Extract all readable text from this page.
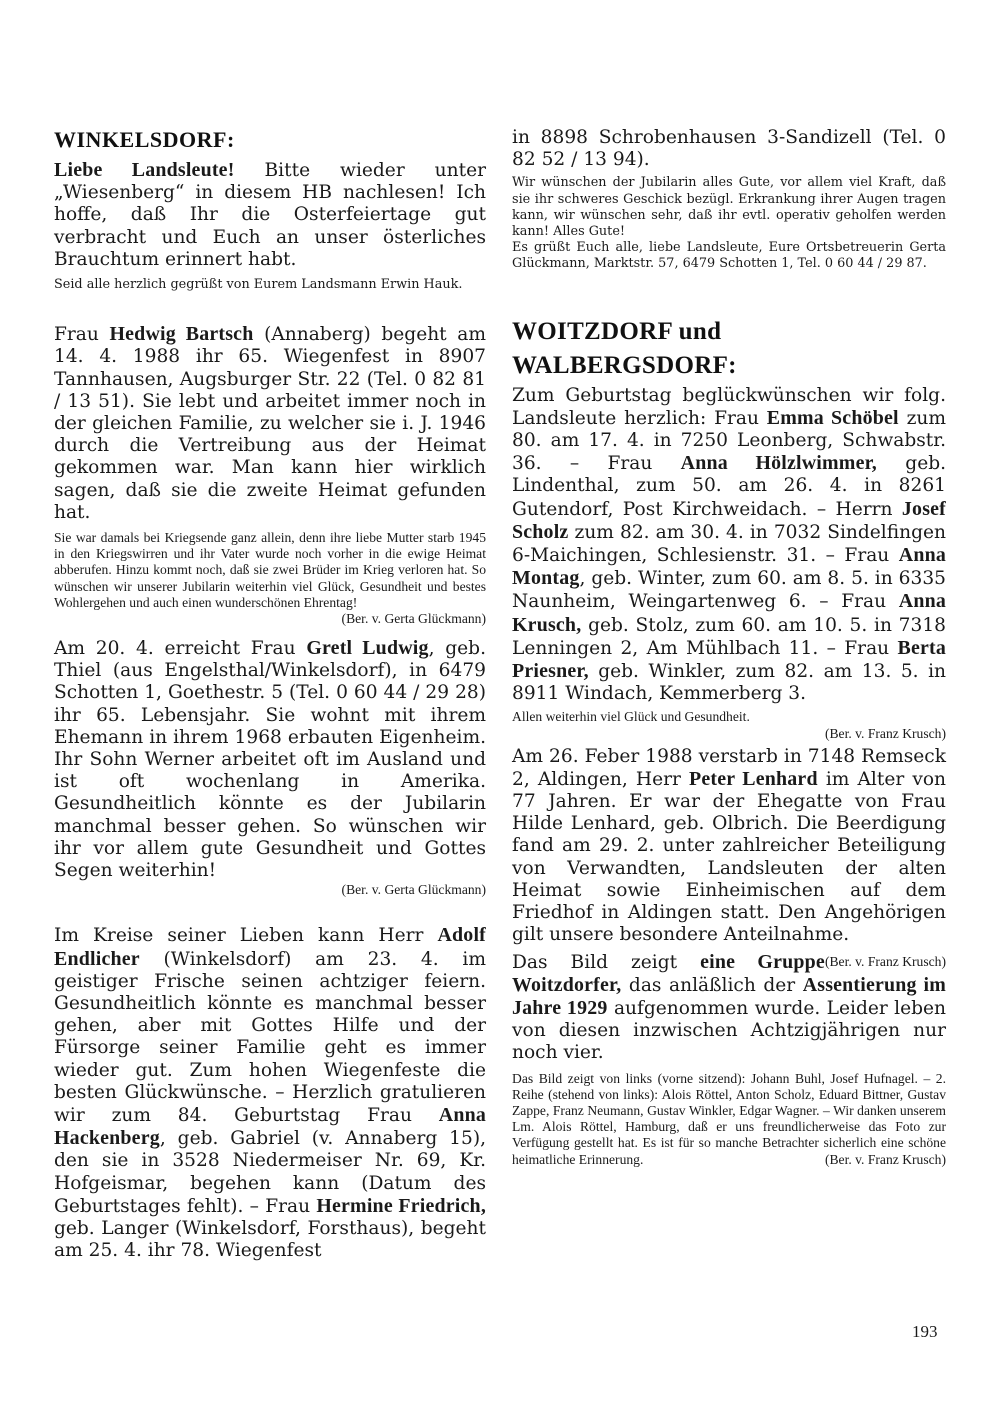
WINKELSDORF:

Liebe Landsleute! Bitte wieder unter „Wiesenberg“ in diesem HB nachlesen! Ich hoffe, daß Ihr die Osterfeiertage gut verbracht und Euch an unser österliches Brauchtum erinnert habt.

Seid alle herzlich gegrüßt von Eurem Landsmann Erwin Hauk.

Frau Hedwig Bartsch (Annaberg) begeht am 14. 4. 1988 ihr 65. Wiegenfest in 8907 Tannhausen, Augsburger Str. 22 (Tel. 0 82 81 / 13 51). Sie lebt und arbeitet immer noch in der gleichen Familie, zu welcher sie i. J. 1946 durch die Vertreibung aus der Heimat gekommen war. Man kann hier wirklich sagen, daß sie die zweite Heimat gefunden hat.

Sie war damals bei Kriegsende ganz allein, denn ihre liebe Mutter starb 1945 in den Kriegswirren und ihr Vater wurde noch vorher in die ewige Heimat abberufen. Hinzu kommt noch, daß sie zwei Brüder im Krieg verloren hat. So wünschen wir unserer Jubilarin weiterhin viel Glück, Gesundheit und bestes Wohlergehen und auch einen wunderschönen Ehrentag!
(Ber. v. Gerta Glückmann)

Am 20. 4. erreicht Frau Gretl Ludwig, geb. Thiel (aus Engelsthal/Winkelsdorf), in 6479 Schotten 1, Goethestr. 5 (Tel. 0 60 44 / 29 28) ihr 65. Lebensjahr. Sie wohnt mit ihrem Ehemann in ihrem 1968 erbauten Eigenheim. Ihr Sohn Werner arbeitet oft im Ausland und ist oft wochenlang in Amerika. Gesundheitlich könnte es der Jubilarin manchmal besser gehen. So wünschen wir ihr vor allem gute Gesundheit und Gottes Segen weiterhin!

(Ber. v. Gerta Glückmann)

Im Kreise seiner Lieben kann Herr Adolf Endlicher (Winkelsdorf) am 23. 4. im geistiger Frische seinen achtziger feiern. Gesundheitlich könnte es manchmal besser gehen, aber mit Gottes Hilfe und der Fürsorge seiner Familie geht es immer wieder gut. Zum hohen Wiegenfeste die besten Glückwünsche. – Herzlich gratulieren wir zum 84. Geburtstag Frau Anna Hackenberg, geb. Gabriel (v. Annaberg 15), den sie in 3528 Niedermeiser Nr. 69, Kr. Hofgeismar, begehen kann (Datum des Geburtstages fehlt). – Frau Hermine Friedrich, geb. Langer (Winkelsdorf, Forsthaus), begeht am 25. 4. ihr 78. Wiegenfest

in 8898 Schrobenhausen 3-Sandizell (Tel. 0 82 52 / 13 94).

Wir wünschen der Jubilarin alles Gute, vor allem viel Kraft, daß sie ihr schweres Geschick bezügl. Erkrankung ihrer Augen tragen kann, wir wünschen sehr, daß ihr evtl. operativ geholfen werden kann! Alles Gute!

Es grüßt Euch alle, liebe Landsleute, Eure Ortsbetreuerin Gerta Glückmann, Marktstr. 57, 6479 Schotten 1, Tel. 0 60 44 / 29 87.

WOITZDORF und
WALBERGSDORF:

Zum Geburtstag beglückwünschen wir folg. Landsleute herzlich: Frau Emma Schöbel zum 80. am 17. 4. in 7250 Leonberg, Schwabstr. 36. – Frau Anna Hölzlwimmer, geb. Lindenthal, zum 50. am 26. 4. in 8261 Gutendorf, Post Kirchweidach. – Herrn Josef Scholz zum 82. am 30. 4. in 7032 Sindelfingen 6-Maichingen, Schlesienstr. 31. – Frau Anna Montag, geb. Winter, zum 60. am 8. 5. in 6335 Naunheim, Weingartenweg 6. – Frau Anna Krusch, geb. Stolz, zum 60. am 10. 5. in 7318 Lenningen 2, Am Mühlbach 11. – Frau Berta Priesner, geb. Winkler, zum 82. am 13. 5. in 8911 Windach, Kemmerberg 3.

Allen weiterhin viel Glück und Gesundheit.

(Ber. v. Franz Krusch)

Am 26. Feber 1988 verstarb in 7148 Remseck 2, Aldingen, Herr Peter Lenhard im Alter von 77 Jahren. Er war der Ehegatte von Frau Hilde Lenhard, geb. Olbrich. Die Beerdigung fand am 29. 2. unter zahlreicher Beteiligung von Verwandten, Landsleuten der alten Heimat sowie Einheimischen auf dem Friedhof in Aldingen statt. Den Angehörigen gilt unsere besondere Anteilnahme.
(Ber. v. Franz Krusch)

Das Bild zeigt eine Gruppe Woitzdorfer, das anläßlich der Assentierung im Jahre 1929 aufgenommen wurde. Leider leben von diesen inzwischen Achtzigjährigen nur noch vier.

Das Bild zeigt von links (vorne sitzend): Johann Buhl, Josef Hufnagel. – 2. Reihe (stehend von links): Alois Röttel, Anton Scholz, Eduard Bittner, Gustav Zappe, Franz Neumann, Gustav Winkler, Edgar Wagner. – Wir danken unserem Lm. Alois Röttel, Hamburg, daß er uns freundlicherweise das Foto zur Verfügung gestellt hat. Es ist für so manche Betrachter sicherlich eine schöne heimatliche Erinnerung.	(Ber. v. Franz Krusch)

193
